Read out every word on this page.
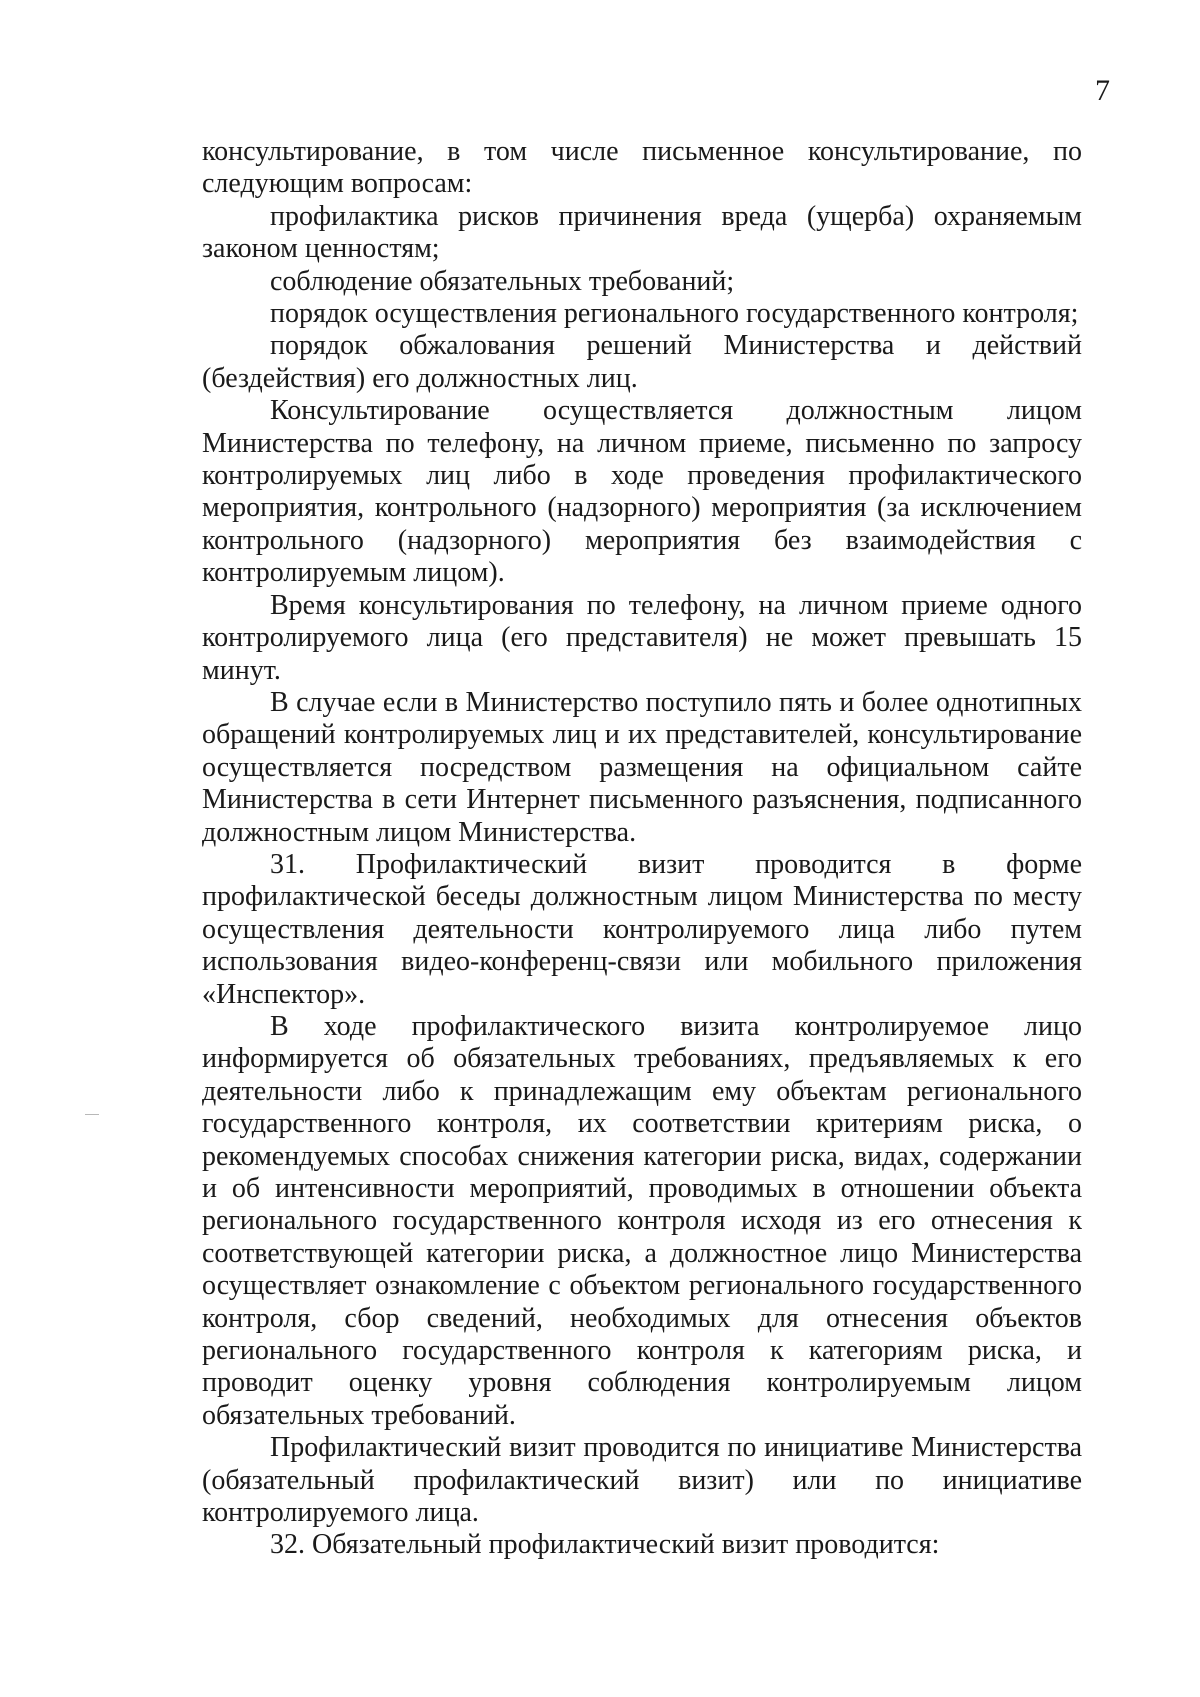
7

консультирование, в том числе письменное консультирование, по следующим вопросам:

профилактика рисков причинения вреда (ущерба) охраняемым законом ценностям;

соблюдение обязательных требований;

порядок осуществления регионального государственного контроля;

порядок обжалования решений Министерства и действий (бездействия) его должностных лиц.

Консультирование осуществляется должностным лицом Министерства по телефону, на личном приеме, письменно по запросу контролируемых лиц либо в ходе проведения профилактического мероприятия, контрольного (надзорного) мероприятия (за исключением контрольного (надзорного) мероприятия без взаимодействия с контролируемым лицом).

Время консультирования по телефону, на личном приеме одного контролируемого лица (его представителя) не может превышать 15 минут.

В случае если в Министерство поступило пять и более однотипных обращений контролируемых лиц и их представителей, консультирование осуществляется посредством размещения на официальном сайте Министерства в сети Интернет письменного разъяснения, подписанного должностным лицом Министерства.

31. Профилактический визит проводится в форме профилактической беседы должностным лицом Министерства по месту осуществления деятельности контролируемого лица либо путем использования видео-конференц-связи или мобильного приложения «Инспектор».

В ходе профилактического визита контролируемое лицо информируется об обязательных требованиях, предъявляемых к его деятельности либо к принадлежащим ему объектам регионального государственного контроля, их соответствии критериям риска, о рекомендуемых способах снижения категории риска, видах, содержании и об интенсивности мероприятий, проводимых в отношении объекта регионального государственного контроля исходя из его отнесения к соответствующей категории риска, а должностное лицо Министерства осуществляет ознакомление с объектом регионального государственного контроля, сбор сведений, необходимых для отнесения объектов регионального государственного контроля к категориям риска, и проводит оценку уровня соблюдения контролируемым лицом обязательных требований.

Профилактический визит проводится по инициативе Министерства (обязательный профилактический визит) или по инициативе контролируемого лица.

32. Обязательный профилактический визит проводится:
